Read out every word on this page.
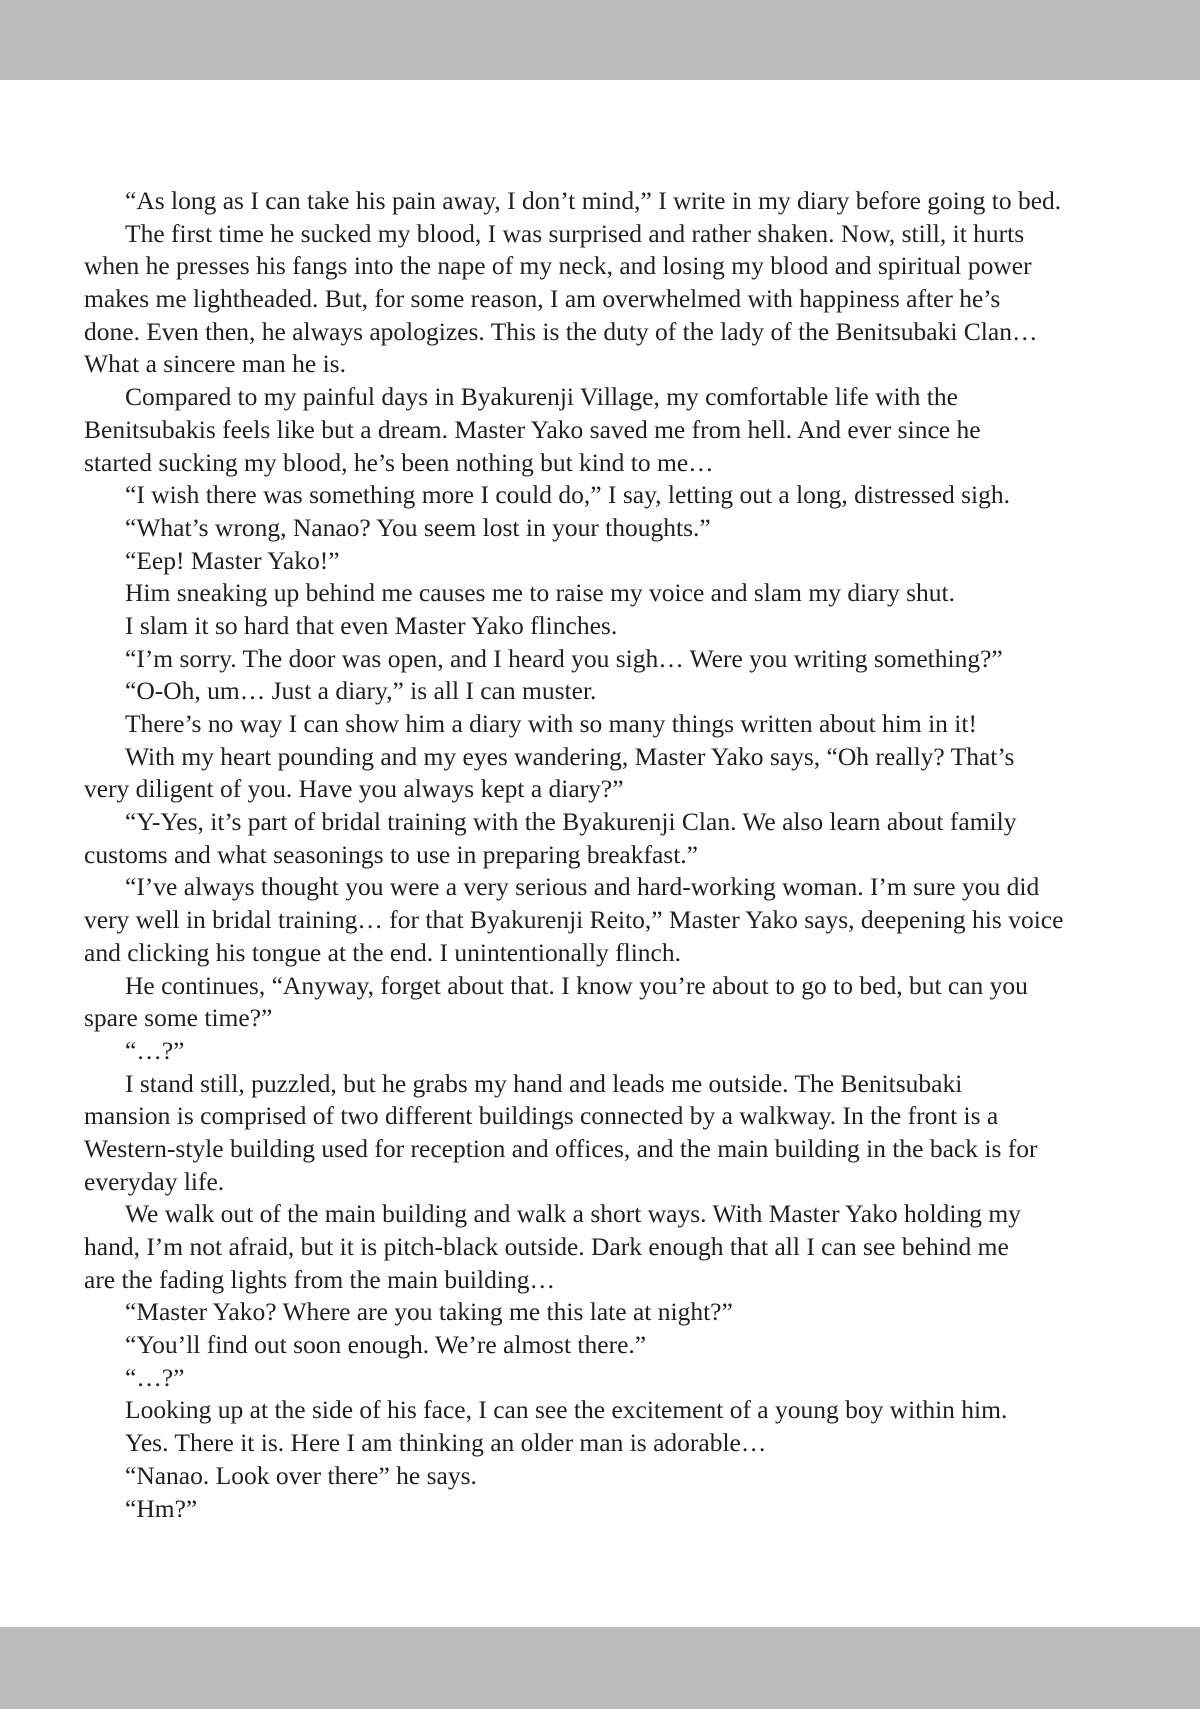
“As long as I can take his pain away, I don’t mind,” I write in my diary before going to bed.
The first time he sucked my blood, I was surprised and rather shaken. Now, still, it hurts
when he presses his fangs into the nape of my neck, and losing my blood and spiritual power
makes me lightheaded. But, for some reason, I am overwhelmed with happiness after he’s
done. Even then, he always apologizes. This is the duty of the lady of the Benitsubaki Clan…
What a sincere man he is.
Compared to my painful days in Byakurenji Village, my comfortable life with the
Benitsubakis feels like but a dream. Master Yako saved me from hell. And ever since he
started sucking my blood, he’s been nothing but kind to me…
“I wish there was something more I could do,” I say, letting out a long, distressed sigh.
“What’s wrong, Nanao? You seem lost in your thoughts.”
“Eep! Master Yako!”
Him sneaking up behind me causes me to raise my voice and slam my diary shut.
I slam it so hard that even Master Yako flinches.
“I’m sorry. The door was open, and I heard you sigh… Were you writing something?”
“O-Oh, um… Just a diary,” is all I can muster.
There’s no way I can show him a diary with so many things written about him in it!
With my heart pounding and my eyes wandering, Master Yako says, “Oh really? That’s
very diligent of you. Have you always kept a diary?”
“Y-Yes, it’s part of bridal training with the Byakurenji Clan. We also learn about family
customs and what seasonings to use in preparing breakfast.”
“I’ve always thought you were a very serious and hard-working woman. I’m sure you did
very well in bridal training… for that Byakurenji Reito,” Master Yako says, deepening his voice
and clicking his tongue at the end. I unintentionally flinch.
He continues, “Anyway, forget about that. I know you’re about to go to bed, but can you
spare some time?”
“…?”
I stand still, puzzled, but he grabs my hand and leads me outside. The Benitsubaki
mansion is comprised of two different buildings connected by a walkway. In the front is a
Western-style building used for reception and offices, and the main building in the back is for
everyday life.
We walk out of the main building and walk a short ways. With Master Yako holding my
hand, I’m not afraid, but it is pitch-black outside. Dark enough that all I can see behind me
are the fading lights from the main building…
“Master Yako? Where are you taking me this late at night?”
“You’ll find out soon enough. We’re almost there.”
“…?”
Looking up at the side of his face, I can see the excitement of a young boy within him.
Yes. There it is. Here I am thinking an older man is adorable…
“Nanao. Look over there” he says.
“Hm?”
